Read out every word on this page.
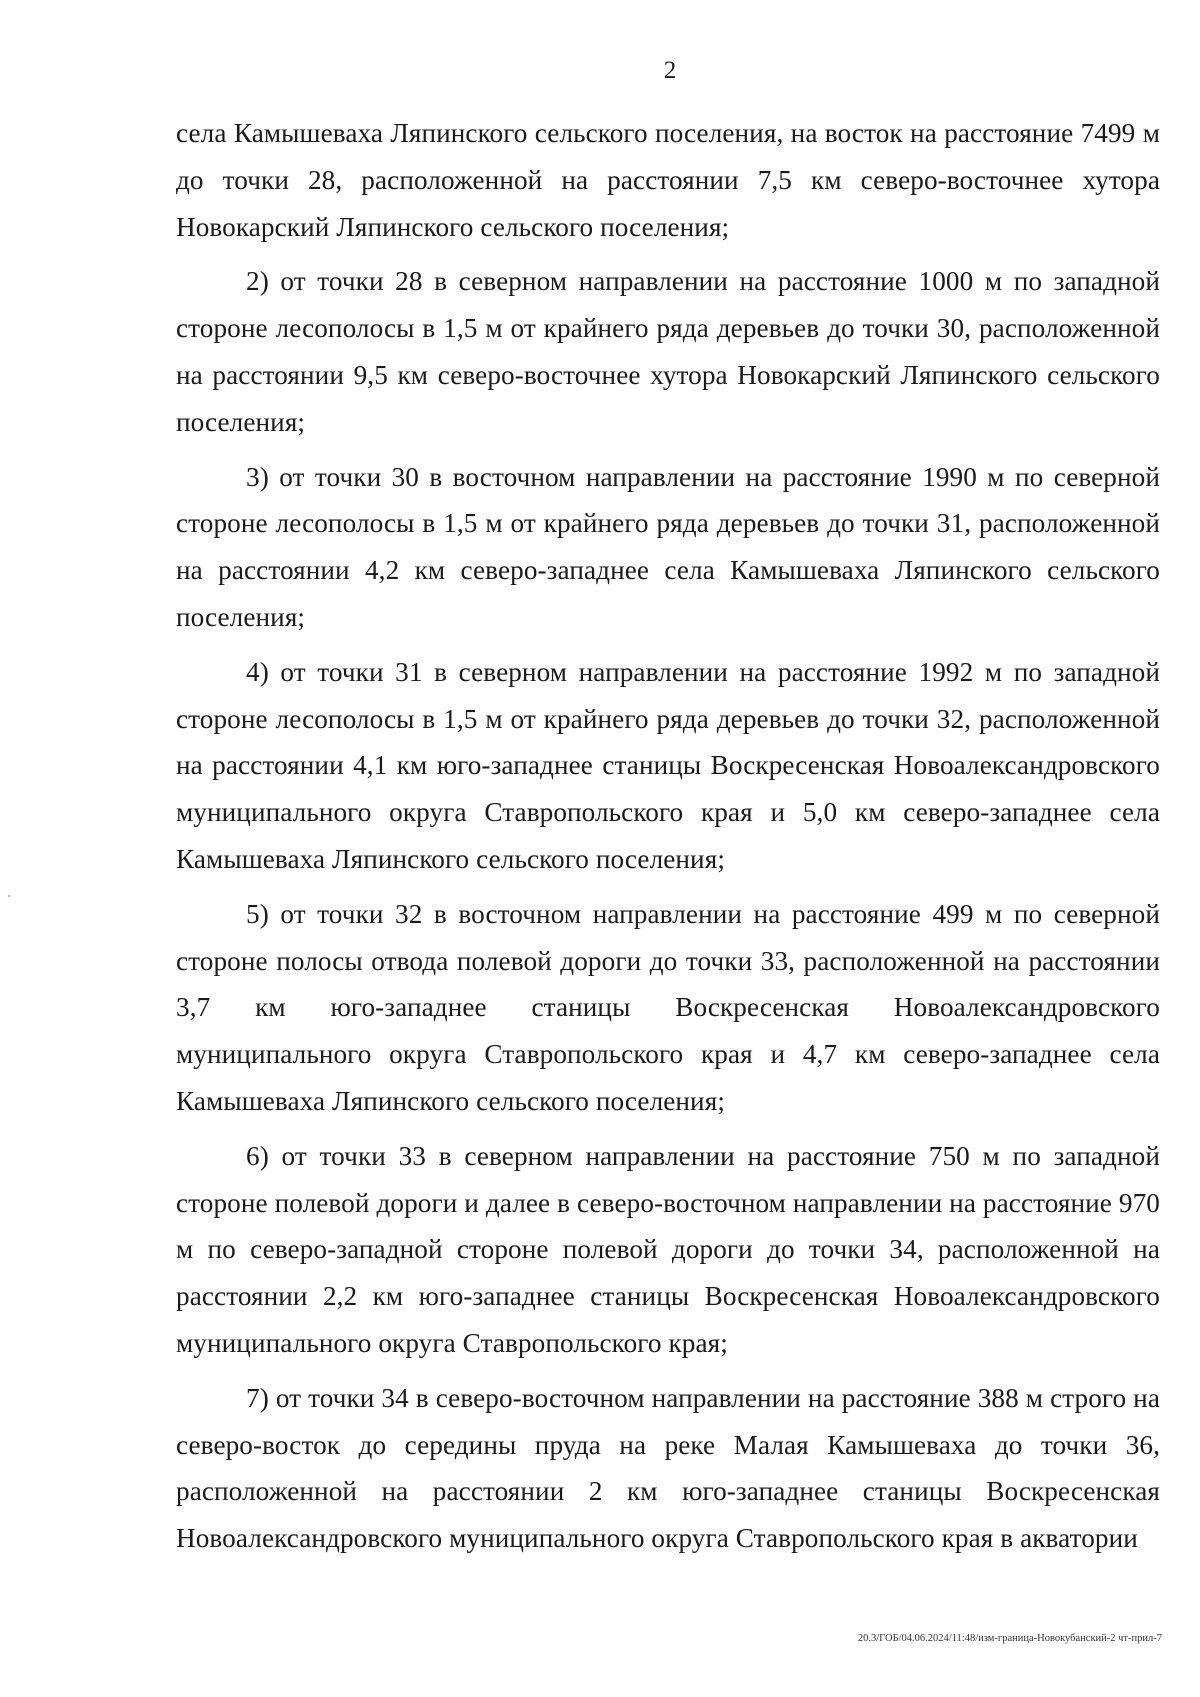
2

села Камышеваха Ляпинского сельского поселения, на восток на расстояние 7499 м до точки 28, расположенной на расстоянии 7,5 км северо-восточнее хутора Новокарский Ляпинского сельского поселения;

2) от точки 28 в северном направлении на расстояние 1000 м по западной стороне лесополосы в 1,5 м от крайнего ряда деревьев до точки 30, расположенной на расстоянии 9,5 км северо-восточнее хутора Новокарский Ляпинского сельского поселения;

3) от точки 30 в восточном направлении на расстояние 1990 м по северной стороне лесополосы в 1,5 м от крайнего ряда деревьев до точки 31, расположенной на расстоянии 4,2 км северо-западнее села Камышеваха Ляпинского сельского поселения;

4) от точки 31 в северном направлении на расстояние 1992 м по западной стороне лесополосы в 1,5 м от крайнего ряда деревьев до точки 32, расположенной на расстоянии 4,1 км юго-западнее станицы Воскресенская Новоалександровского муниципального округа Ставропольского края и 5,0 км северо-западнее села Камышеваха Ляпинского сельского поселения;

5) от точки 32 в восточном направлении на расстояние 499 м по северной стороне полосы отвода полевой дороги до точки 33, расположенной на расстоянии 3,7 км юго-западнее станицы Воскресенская Новоалександровского муниципального округа Ставропольского края и 4,7 км северо-западнее села Камышеваха Ляпинского сельского поселения;

6) от точки 33 в северном направлении на расстояние 750 м по западной стороне полевой дороги и далее в северо-восточном направлении на расстояние 970 м по северо-западной стороне полевой дороги до точки 34, расположенной на расстоянии 2,2 км юго-западнее станицы Воскресенская Новоалександровского муниципального округа Ставропольского края;

7) от точки 34 в северо-восточном направлении на расстояние 388 м строго на северо-восток до середины пруда на реке Малая Камышеваха до точки 36, расположенной на расстоянии 2 км юго-западнее станицы Воскресенская Новоалександровского муниципального округа Ставропольского края в акватории

20.3/ГОБ/04.06.2024/11:48/изм-граница-Новокубанский-2 чт-прил-7
